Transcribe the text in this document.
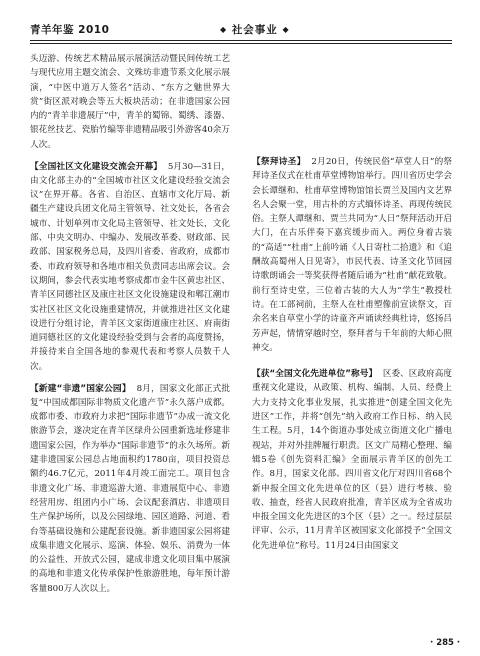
青羊年鉴 2010	◆ 社会事业 ◆

头迈游、传统艺术精品展示展演活动暨民间传统工艺与现代应用主题交流会、文殊坊非遗节系文化展示展演，“中医中道万人签名”活动、“东方之魅世界大赏”街区派对晚会等五大板块活动；在非遗国家公园内的“青羊非遗展厅”中，青羊的蜀锦、蜀绣、漆器、银花丝技艺、瓷胎竹编等非遗精品吸引外游客40余万人次。

【全国社区文化建设交流会开幕】 5月30—31日，由文化部主办的“全国城市社区文化建设经验交流会议”在界开幕。各省、自治区、直辖市文化厅局、新疆生产建设兵团文化局主管领导、社文处长，各省会城市、计划单列市文化局主管领导、社文处长，文化部、中央文明办、中编办、发展改革委、财政部、民政部、国家税务总局，及四川省委、省政府，成都市委、市政府领导和各地市相关负责同志出席会议。会议期间，参会代表实地考察成都市金牛区黄忠社区、青羊区同德社区及康庄社区文化设施建设和郫江潮市实社区社区文化设施重建情况，并就推进社区文化建设进行分组讨论，青羊区文家街道康庄社区、府南街道同德社区的文化建设经验受到与会者的高度赞扬，并接待来自全国各地的参观代表和考察人员数千人次。

【新建“非遗”国家公园】 8月，国家文化部正式批复“中国成都国际非物质文化遗产节”永久落户成都。成都市委、市政府力求把“国际非遗节”办成一流文化旅游节会，遂决定在青羊区绿舟公园重新选址修建非遗国家公园，作为举办“国际非遗节”的永久场所。新建非遗国家公园总占地面积约1780亩，项目投资总额约46.7亿元，2011年4月竣工面完工。项目包含非遗文化广场、非遗巡游大道、非遗展览中心、非遗经营用房、组团内小广场、会议配套酒店、非遗项目生产保护场所，以及公园绿地、园区道路、河道、看台等基础设施和公建配套设施。新非遗国家公园将建成集非遗文化展示、巡演、体验、娱乐、消费为一体的公益性、开放式公园，建成非遗文化项目集中展演的高地和非遗文化传承保护性旅游胜地，每年预计游客量800万人次以上。

【祭拜诗圣】 2月20日，传统民俗“草堂人日”的祭拜诗圣仪式在杜甫草堂博物馆举行。四川省历史学会会长谭继和、杜甫草堂博物馆馆长贾兰及国内文艺界名人会聚一堂，用古朴的方式缅怀诗圣、再现传统民俗。主祭人谭继和、贾兰共同为“人日”祭拜活动开启大门，在古乐伴奏下嘉宾缓步而入。两位身着古装的“高适”“杜甫”上前吟诵《人日寄杜二拾遗》和《追酬故高蜀州人日见寄》，市民代表、诗圣文化节回园诗歌朗诵会一等奖获得者随后诵为“杜甫”献花致敬。前行至诗史堂，三位着古装的大人为“学生”教授杜诗。在工部祠前，主祭人在杜甫塑像前宣读祭文，百余名来自草堂小学的诗童齐声诵读经典杜诗，悠扬吕芳声起，情情穿越时空，祭拜者与千年前的大师心照神交。

【获“全国文化先进单位”称号】 区委、区政府高度重视文化建设，从政策、机构、编制、人员、经费上大力支持文化事业发展，扎实推进“创建全国文化先进区”工作，并将“创先”纳入政府工作日标、纳入民生工程。5月，14个街道办事处成立街道文化广播电视站，并对外挂牌履行职责。区文广局精心整理、编辑5卷《创先资料汇编》全面展示青羊区的创先工作。8月，国家文化部、四川省文化厅对四川省68个新申报全国文化先进单位的区（县）进行考核、验收、抽查，经省人民政府批准，青羊区成为全省成功申报全国文化先进区的3个区（县）之一。经过层层评审、公示，11月青羊区被国家文化部授予“全国文化先进单位”称号。11月24日由国家文

· 285 ·
